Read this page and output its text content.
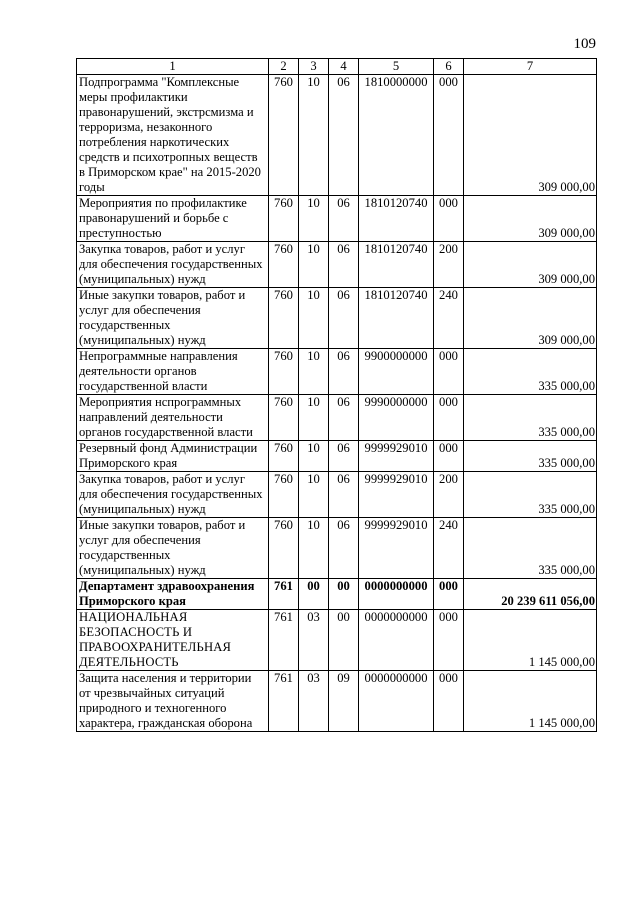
109
1	2	3	4	5	6	7
Подпрограмма "Комплексные меры профилактики правонарушений, экстрсмизма и терроризма, незаконного потребления наркотических средств и психотропных веществ в Приморском крае" на 2015-2020 годы	760	10	06	1810000000	000	309 000,00
Мероприятия по профилактике правонарушений и борьбе с преступностью	760	10	06	1810120740	000	309 000,00
Закупка товаров, работ и услуг для обеспечения государственных (муниципальных) нужд	760	10	06	1810120740	200	309 000,00
Иные закупки товаров, работ и услуг для обеспечения государственных (муниципальных) нужд	760	10	06	1810120740	240	309 000,00
Непрограммные направления деятельности органов государственной власти	760	10	06	9900000000	000	335 000,00
Мероприятия нспрограммных направлений деятельности органов государственной власти	760	10	06	9990000000	000	335 000,00
Резервный фонд Администрации Приморского края	760	10	06	9999929010	000	335 000,00
Закупка товаров, работ и услуг для обеспечения государственных (муниципальных) нужд	760	10	06	9999929010	200	335 000,00
Иные закупки товаров, работ и услуг для обеспечения государственных (муниципальных) нужд	760	10	06	9999929010	240	335 000,00
Департамент здравоохранения Приморского края	761	00	00	0000000000	000	20 239 611 056,00
НАЦИОНАЛЬНАЯ БЕЗОПАСНОСТЬ И ПРАВООХРАНИТЕЛЬНАЯ ДЕЯТЕЛЬНОСТЬ	761	03	00	0000000000	000	1 145 000,00
Защита населения и территории от чрезвычайных ситуаций природного и техногенного характера, гражданская оборона	761	03	09	0000000000	000	1 145 000,00
